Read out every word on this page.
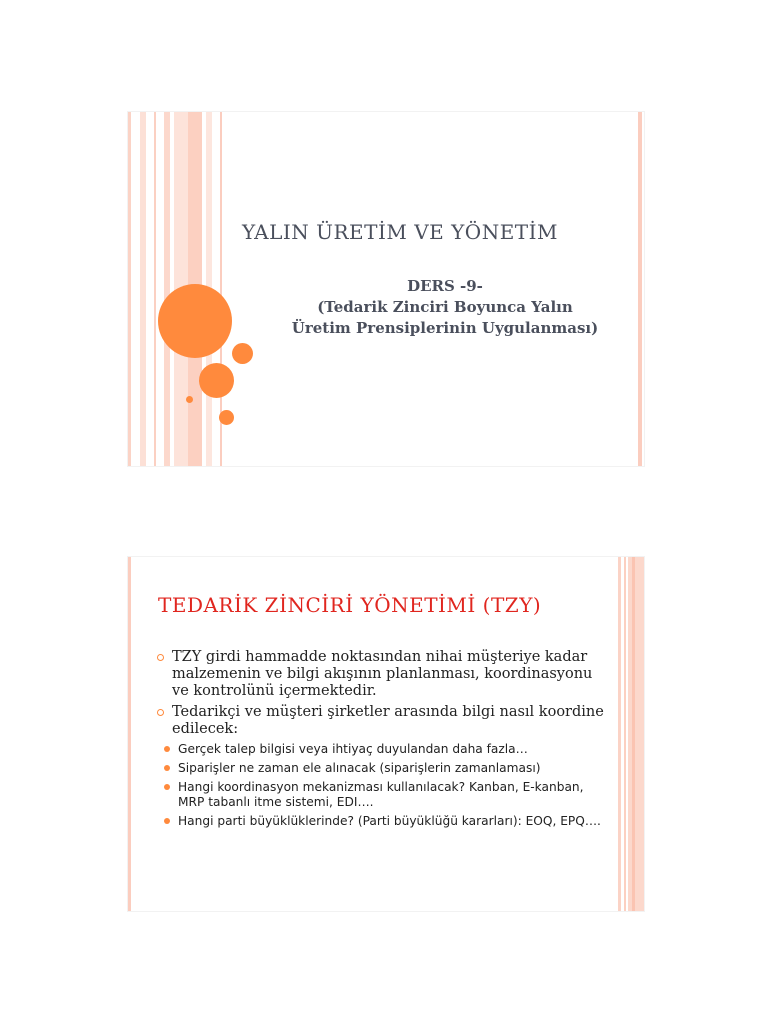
YALIN ÜRETİM VE YÖNETİM
DERS -9-
(Tedarik Zinciri Boyunca Yalın
Üretim Prensiplerinin Uygulanması)
TEDARİK ZİNCİRİ YÖNETİMİ (TZY)
TZY girdi hammadde noktasından nihai müşteriye kadar malzemenin ve bilgi akışının planlanması, koordinasyonu ve kontrolünü içermektedir.
Tedarikçi ve müşteri şirketler arasında bilgi nasıl koordine edilecek:
Gerçek talep bilgisi veya ihtiyaç duyulandan daha fazla…
Siparişler ne zaman ele alınacak (siparişlerin zamanlaması)
Hangi koordinasyon mekanizması kullanılacak? Kanban, E-kanban, MRP tabanlı itme sistemi, EDI….
Hangi parti büyüklüklerinde? (Parti büyüklüğü kararları): EOQ, EPQ….
